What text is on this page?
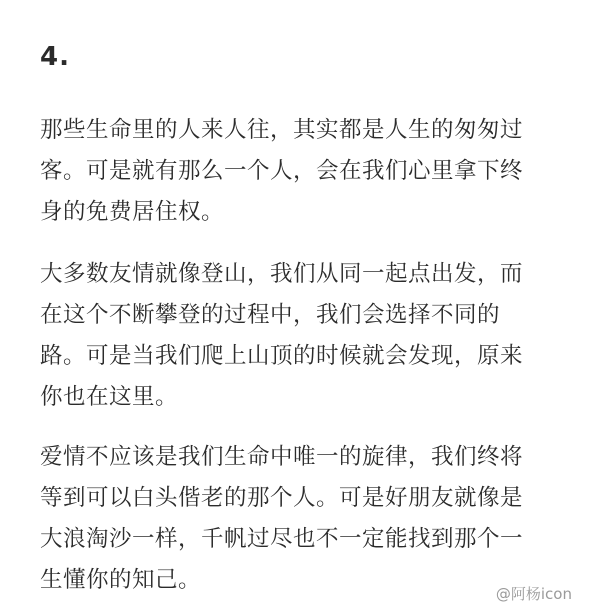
4.
那些生命里的人来人往，其实都是人生的匆匆过
客。可是就有那么一个人，会在我们心里拿下终
身的免费居住权。
大多数友情就像登山，我们从同一起点出发，而
在这个不断攀登的过程中，我们会选择不同的
路。可是当我们爬上山顶的时候就会发现，原来
你也在这里。
爱情不应该是我们生命中唯一的旋律，我们终将
等到可以白头偕老的那个人。可是好朋友就像是
大浪淘沙一样，千帆过尽也不一定能找到那个一
生懂你的知己。
@阿杨icon
